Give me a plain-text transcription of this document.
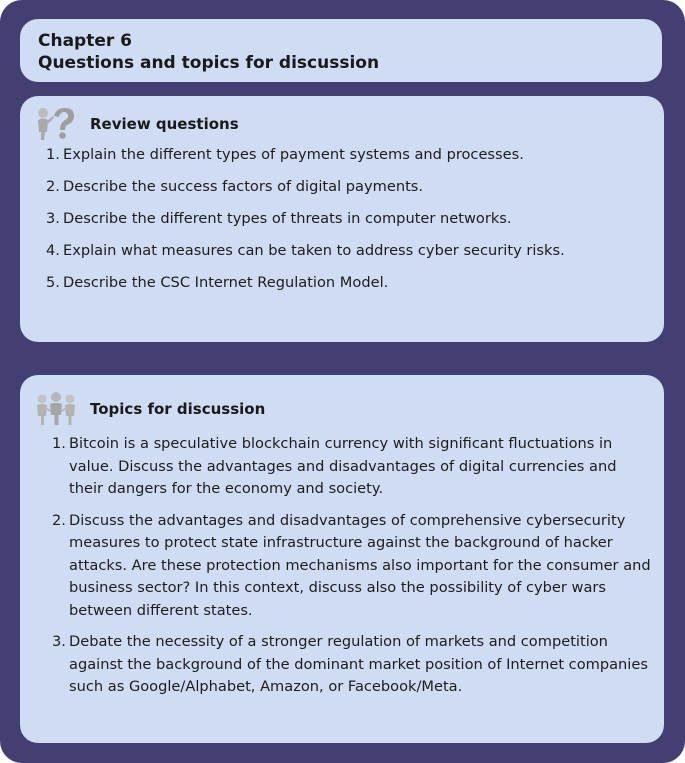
Chapter 6
Questions and topics for discussion
Review questions
1. Explain the different types of payment systems and processes.
2. Describe the success factors of digital payments.
3. Describe the different types of threats in computer networks.
4. Explain what measures can be taken to address cyber security risks.
5. Describe the CSC Internet Regulation Model.
Topics for discussion
1. Bitcoin is a speculative blockchain currency with significant fluctuations in value. Discuss the advantages and disadvantages of digital currencies and their dangers for the economy and society.
2. Discuss the advantages and disadvantages of comprehensive cybersecurity measures to protect state infrastructure against the background of hacker attacks. Are these protection mechanisms also important for the consumer and business sector? In this context, discuss also the possibility of cyber wars between different states.
3. Debate the necessity of a stronger regulation of markets and competition against the background of the dominant market position of Internet companies such as Google/Alphabet, Amazon, or Facebook/Meta.
